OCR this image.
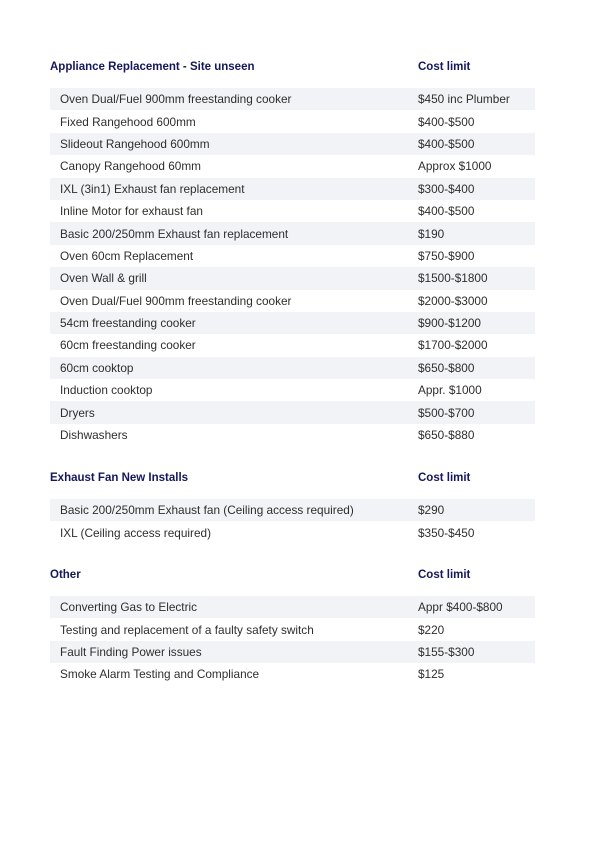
Appliance Replacement - Site unseen	Cost limit
Oven Dual/Fuel 900mm freestanding cooker	$450 inc Plumber
Fixed Rangehood 600mm	$400-$500
Slideout Rangehood 600mm	$400-$500
Canopy Rangehood 60mm	Approx $1000
IXL (3in1) Exhaust fan replacement	$300-$400
Inline Motor for exhaust fan	$400-$500
Basic 200/250mm Exhaust fan replacement	$190
Oven 60cm Replacement	$750-$900
Oven Wall & grill	$1500-$1800
Oven Dual/Fuel 900mm freestanding cooker	$2000-$3000
54cm freestanding cooker	$900-$1200
60cm freestanding cooker	$1700-$2000
60cm cooktop	$650-$800
Induction cooktop	Appr. $1000
Dryers	$500-$700
Dishwashers	$650-$880
Exhaust Fan New Installs	Cost limit
Basic 200/250mm Exhaust fan (Ceiling access required)	$290
IXL (Ceiling access required)	$350-$450
Other	Cost limit
Converting Gas to Electric	Appr $400-$800
Testing and replacement of a faulty safety switch	$220
Fault Finding Power issues	$155-$300
Smoke Alarm Testing and Compliance	$125
